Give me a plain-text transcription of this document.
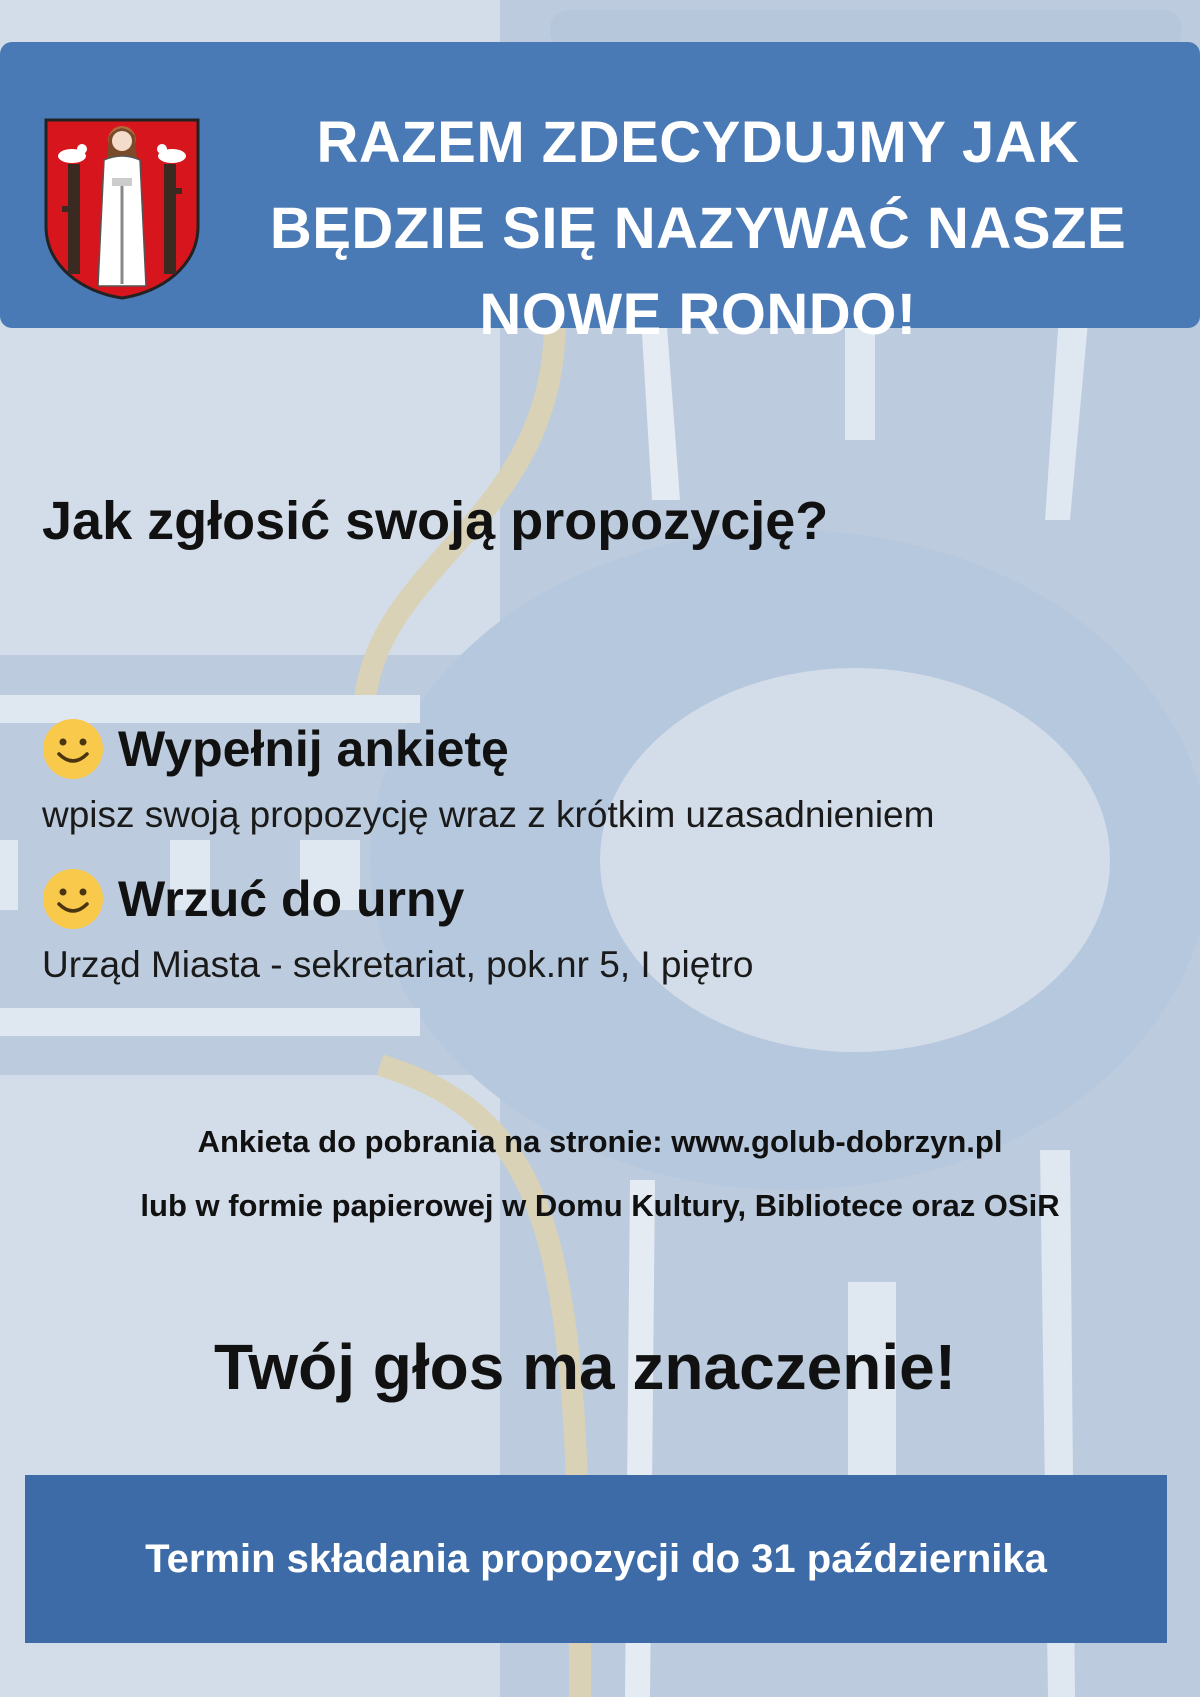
RAZEM ZDECYDUJMY JAK
BĘDZIE SIĘ NAZYWAĆ NASZE
NOWE RONDO!
Jak zgłosić swoją propozycję?
Wypełnij ankietę
wpisz swoją propozycję wraz z krótkim uzasadnieniem
Wrzuć do urny
Urząd Miasta - sekretariat, pok.nr 5, I piętro
Ankieta do pobrania na stronie: www.golub-dobrzyn.pl
lub w formie papierowej w Domu Kultury, Bibliotece oraz OSiR
Twój głos ma znaczenie!
Termin składania propozycji do 31 października
